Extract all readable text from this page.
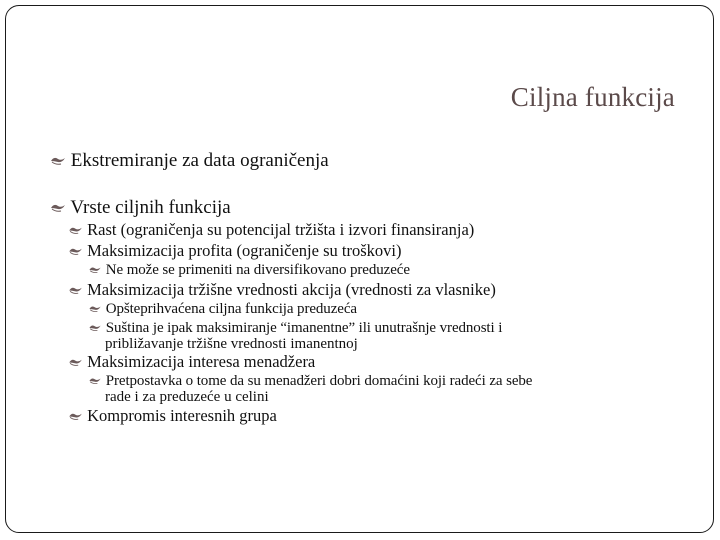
Ciljna funkcija
Ekstremiranje za data ograničenja
Vrste ciljnih funkcija
Rast (ograničenja su potencijal tržišta i izvori finansiranja)
Maksimizacija profita (ograničenje su troškovi)
Ne može se primeniti na diversifikovano preduzeće
Maksimizacija tržišne vrednosti akcija (vrednosti za vlasnike)
Opšteprihvaćena ciljna funkcija preduzeća
Suština je ipak maksimiranje “imanentne” ili unutrašnje vrednosti i
približavanje tržišne vrednosti imanentnoj
Maksimizacija interesa menadžera
Pretpostavka o tome da su menadžeri dobri domaćini koji radeći za sebe
rade i za preduzeće u celini
Kompromis interesnih grupa
